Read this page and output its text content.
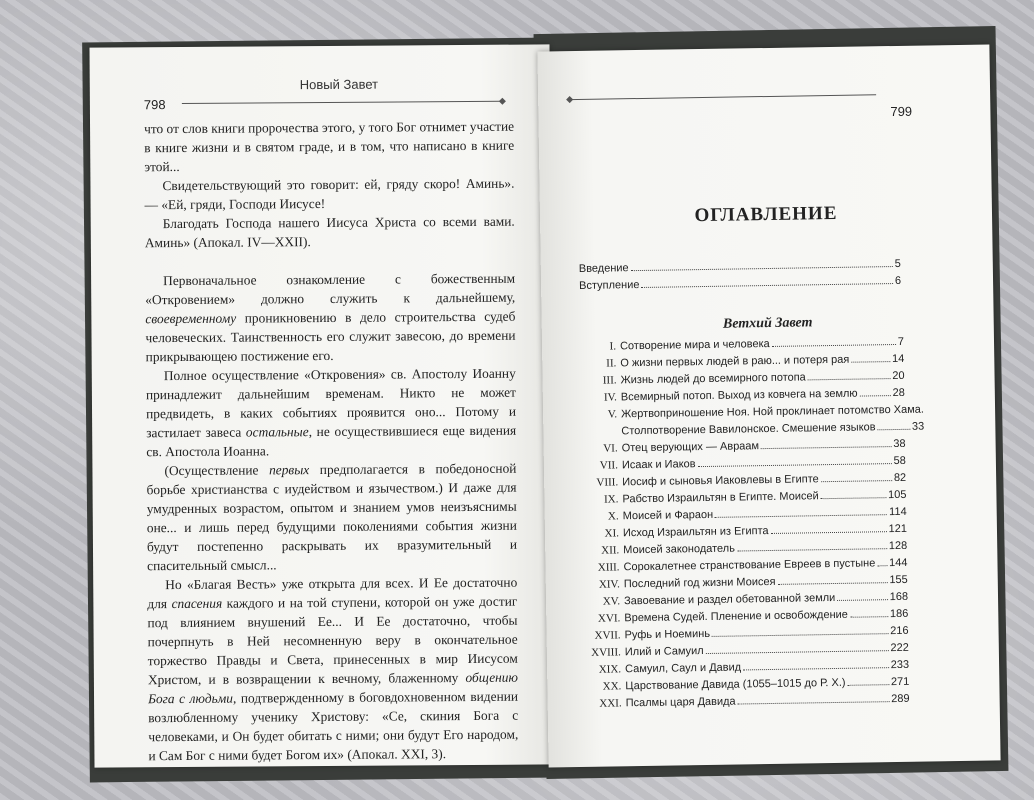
Новый Завет
798

что от слов книги пророчества этого, у того Бог отнимет участие в книге жизни и в святом граде, и в том, что написано в книге этой...

Свидетельствующий это говорит: ей, гряду скоро! Аминь». — «Ей, гряди, Господи Иисусе!

Благодать Господа нашего Иисуса Христа со всеми вами. Аминь» (Апокал. IV—XXII).

Первоначальное ознакомление с божественным «Откровением» должно служить к дальнейшему, своевременному проникновению в дело строительства судеб человеческих. Таинственность его служит завесою, до времени прикрывающею постижение его.

Полное осуществление «Откровения» св. Апостолу Иоанну принадлежит дальнейшим временам. Никто не может предвидеть, в каких событиях проявится оно... Потому и застилает завеса остальные, не осуществившиеся еще видения св. Апостола Иоанна.

(Осуществление первых предполагается в победоносной борьбе христианства с иудейством и язычеством.) И даже для умудренных возрастом, опытом и знанием умов неизъяснимы оне... и лишь перед будущими поколениями события жизни будут постепенно раскрывать их вразумительный и спасительный смысл...

Но «Благая Весть» уже открыта для всех. И Ее достаточно для спасения каждого и на той ступени, которой он уже достиг под влиянием внушений Ее... И Ее достаточно, чтобы почерпнуть в Ней несомненную веру в окончательное торжество Правды и Света, принесенных в мир Иисусом Христом, и в возвращении к вечному, блаженному общению Бога с людьми, подтвержденному в боговдохновенном видении возлюбленному ученику Христову: «Се, скиния Бога с человеками, и Он будет обитать с ними; они будут Его народом, и Сам Бог с ними будет Богом их» (Апокал. XXI, 3).

799
ОГЛАВЛЕНИЕ
Введение	5
Вступление	6
Ветхий Завет
I. Сотворение мира и человека	7
II. О жизни первых людей в раю... и потеря рая	14
III. Жизнь людей до всемирного потопа	20
IV. Всемирный потоп. Выход из ковчега на землю	28
V. Жертвоприношение Ноя. Ной проклинает потомство Хама.
Столпотворение Вавилонское. Смешение языков	33
VI. Отец верующих — Авраам	38
VII. Исаак и Иаков	58
VIII. Иосиф и сыновья Иаковлевы в Египте	82
IX. Рабство Израильтян в Египте. Моисей	105
X. Моисей и Фараон	114
XI. Исход Израильтян из Египта	121
XII. Моисей законодатель	128
XIII. Сорокалетнее странствование Евреев в пустыне 144
XIV. Последний год жизни Моисея	155
XV. Завоевание и раздел обетованной земли	168
XVI. Времена Судей. Пленение и освобождение	186
XVII. Руфь и Ноеминь	216
XVIII. Илий и Самуил	222
XIX. Самуил, Саул и Давид	233
XX. Царствование Давида (1055–1015 до Р. Х.)	271
XXI. Псалмы царя Давида	289
